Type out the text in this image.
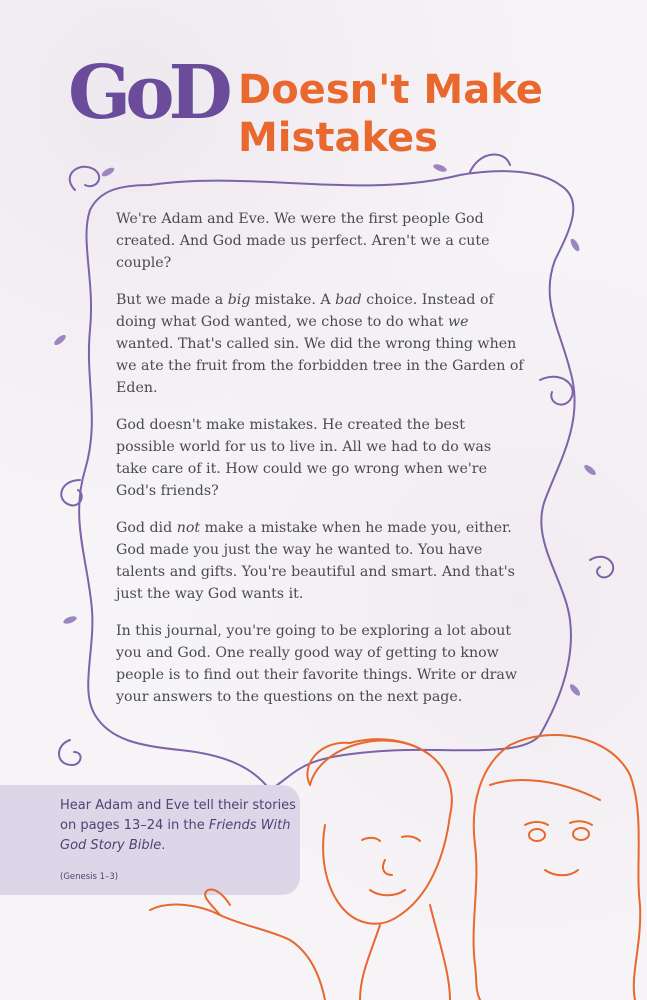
GoD Doesn't Make
Mistakes

We're Adam and Eve. We were the first people God created. And God made us perfect. Aren't we a cute couple?

But we made a big mistake. A bad choice. Instead of doing what God wanted, we chose to do what we wanted. That's called sin. We did the wrong thing when we ate the fruit from the forbidden tree in the Garden of Eden.

God doesn't make mistakes. He created the best possible world for us to live in. All we had to do was take care of it. How could we go wrong when we're God's friends?

God did not make a mistake when he made you, either. God made you just the way he wanted to. You have talents and gifts. You're beautiful and smart. And that's just the way God wants it.

In this journal, you're going to be exploring a lot about you and God. One really good way of getting to know people is to find out their favorite things. Write or draw your answers to the questions on the next page.

Hear Adam and Eve tell their stories on pages 13–24 in the Friends With God Story Bible.
(Genesis 1–3)
